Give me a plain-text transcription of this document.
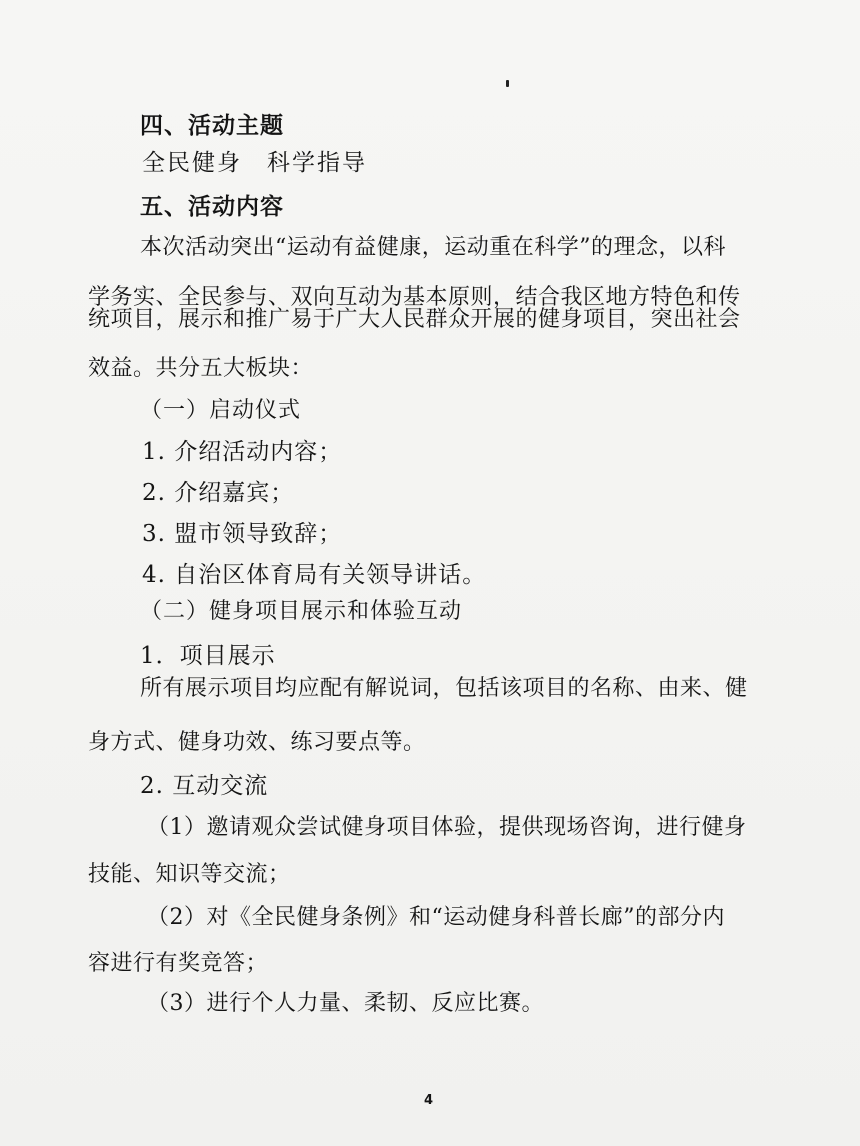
四、活动主题
全民健身　科学指导
五、活动内容
本次活动突出“运动有益健康，运动重在科学”的理念，以科
学务实、全民参与、双向互动为基本原则，结合我区地方特色和传
统项目，展示和推广易于广大人民群众开展的健身项目，突出社会
效益。共分五大板块：
（一）启动仪式
1. 介绍活动内容；
2. 介绍嘉宾；
3. 盟市领导致辞；
4. 自治区体育局有关领导讲话。
（二）健身项目展示和体验互动
1．项目展示
所有展示项目均应配有解说词，包括该项目的名称、由来、健
身方式、健身功效、练习要点等。
2. 互动交流
（1）邀请观众尝试健身项目体验，提供现场咨询，进行健身
技能、知识等交流；
（2）对《全民健身条例》和“运动健身科普长廊”的部分内
容进行有奖竞答；
（3）进行个人力量、柔韧、反应比赛。
4
